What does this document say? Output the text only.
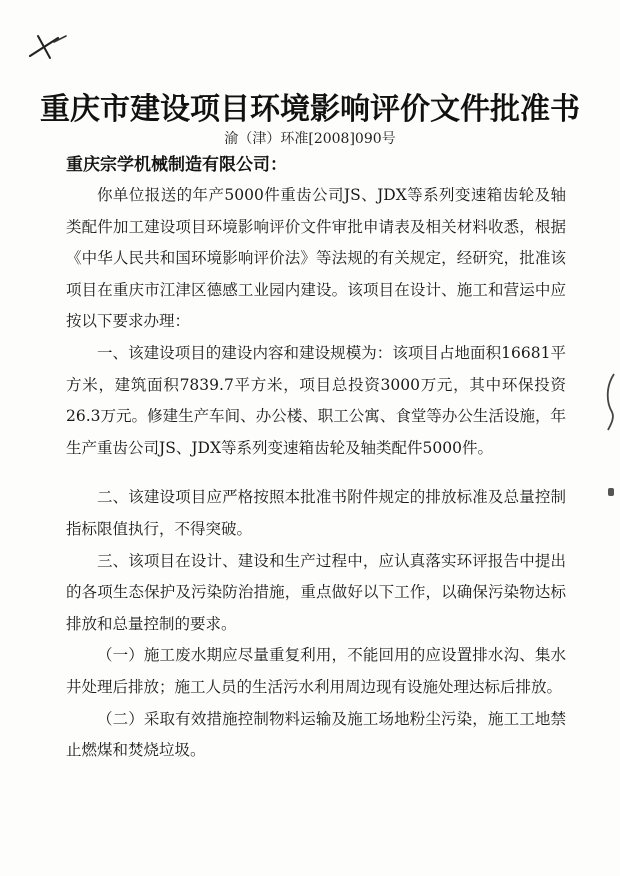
重庆市建设项目环境影响评价文件批准书
渝（津）环准[2008]090号
重庆宗学机械制造有限公司：

你单位报送的年产5000件重齿公司JS、JDX等系列变速箱齿轮及轴类配件加工建设项目环境影响评价文件审批申请表及相关材料收悉，根据《中华人民共和国环境影响评价法》等法规的有关规定，经研究，批准该项目在重庆市江津区德感工业园内建设。该项目在设计、施工和营运中应按以下要求办理：

一、该建设项目的建设内容和建设规模为：该项目占地面积16681平方米，建筑面积7839.7平方米，项目总投资3000万元，其中环保投资26.3万元。修建生产车间、办公楼、职工公寓、食堂等办公生活设施，年生产重齿公司JS、JDX等系列变速箱齿轮及轴类配件5000件。

二、该建设项目应严格按照本批准书附件规定的排放标准及总量控制指标限值执行，不得突破。

三、该项目在设计、建设和生产过程中，应认真落实环评报告中提出的各项生态保护及污染防治措施，重点做好以下工作，以确保污染物达标排放和总量控制的要求。

（一）施工废水期应尽量重复利用，不能回用的应设置排水沟、集水井处理后排放；施工人员的生活污水利用周边现有设施处理达标后排放。

（二）采取有效措施控制物料运输及施工场地粉尘污染，施工工地禁止燃煤和焚烧垃圾。
